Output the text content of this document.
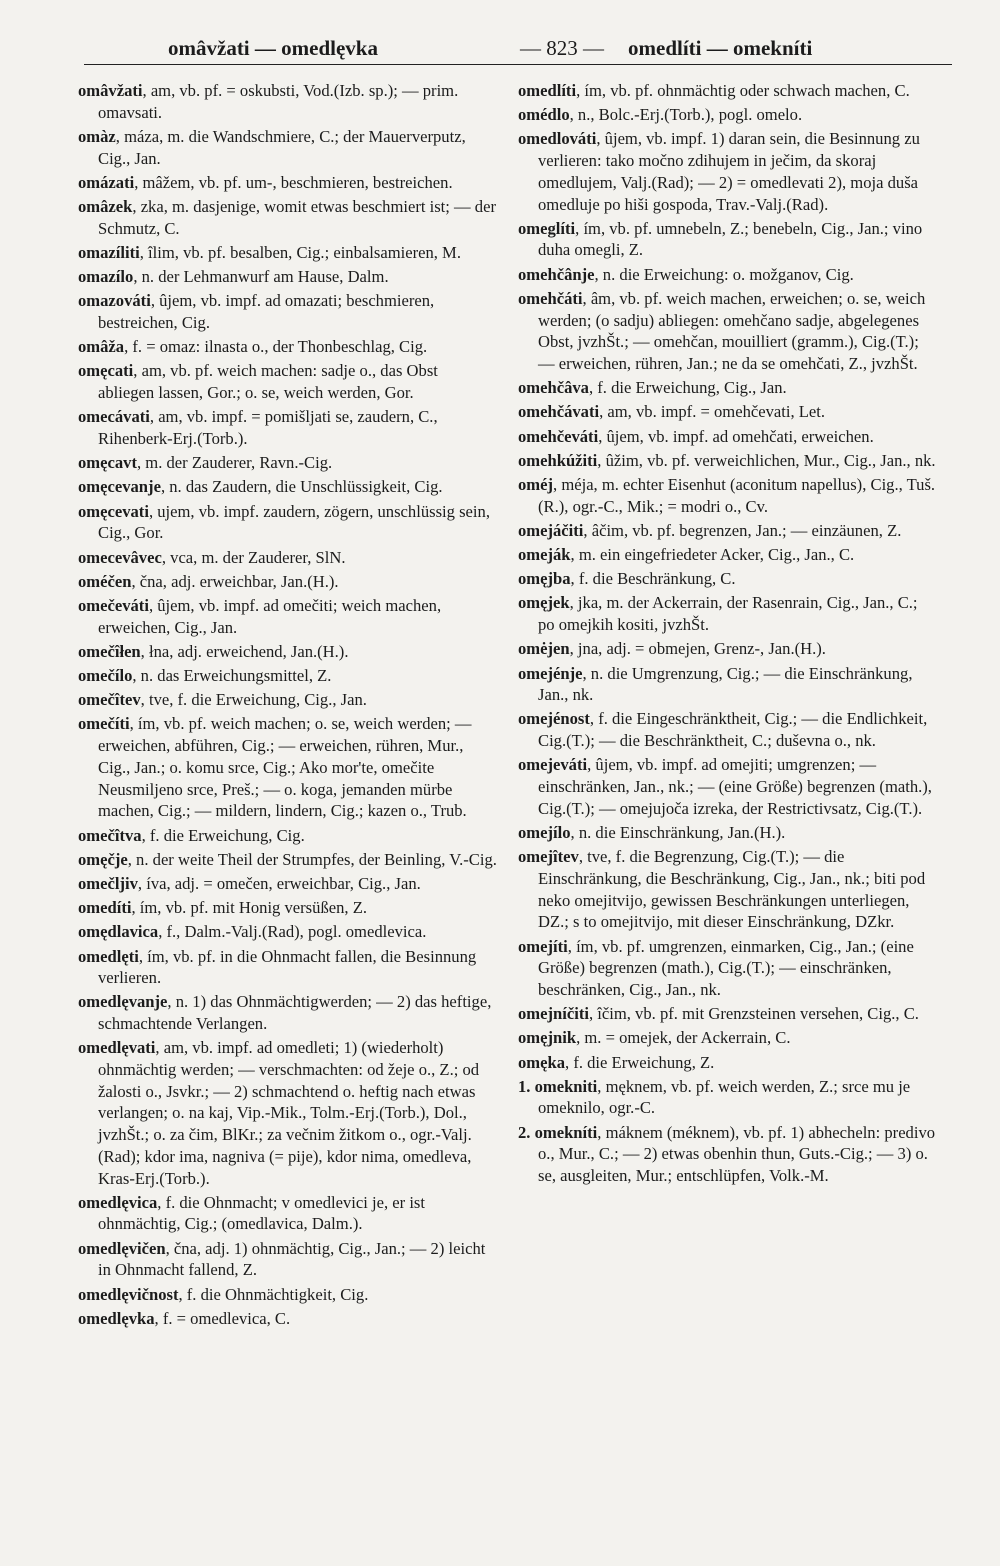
omâvžati — omedlęvka	— 823 — omedlíti — omekníti

omâvžati, am, vb. pf. = oskubsti, Vod.(Izb. sp.); — prim. omavsati.

omàz, máza, m. die Wandschmiere, C.; der Mauerverputz, Cig., Jan.

omázati, mâžem, vb. pf. um-, beschmieren, bestreichen.

omâzek, zka, m. dasjenige, womit etwas beschmiert ist; — der Schmutz, C.

omazíliti, îlim, vb. pf. besalben, Cig.; einbalsamieren, M.

omazílo, n. der Lehmanwurf am Hause, Dalm.

omazováti, ûjem, vb. impf. ad omazati; beschmieren, bestreichen, Cig.

omâža, f. = omaz: ilnasta o., der Thonbeschlag, Cig.

omęcati, am, vb. pf. weich machen: sadje o., das Obst abliegen lassen, Gor.; o. se, weich werden, Gor.

omecávati, am, vb. impf. = pomišljati se, zaudern, C., Rihenberk-Erj.(Torb.).

omęcavt, m. der Zauderer, Ravn.-Cig.

omęcevanje, n. das Zaudern, die Unschlüssigkeit, Cig.

omęcevati, ujem, vb. impf. zaudern, zögern, unschlüssig sein, Cig., Gor.

omecevâvec, vca, m. der Zauderer, SlN.

oméčen, čna, adj. erweichbar, Jan.(H.).

omečeváti, ûjem, vb. impf. ad omečiti; weich machen, erweichen, Cig., Jan.

omečîłen, łna, adj. erweichend, Jan.(H.).

omečílo, n. das Erweichungsmittel, Z.

omečîtev, tve, f. die Erweichung, Cig., Jan.

omečíti, ím, vb. pf. weich machen; o. se, weich werden; — erweichen, abführen, Cig.; — erweichen, rühren, Mur., Cig., Jan.; o. komu srce, Cig.; Ako mor'te, omečite Neusmiljeno srce, Preš.; — o. koga, jemanden mürbe machen, Cig.; — mildern, lindern, Cig.; kazen o., Trub.

omečîtva, f. die Erweichung, Cig.

omęčje, n. der weite Theil der Strumpfes, der Beinling, V.-Cig.

omečljiv, íva, adj. = omečen, erweichbar, Cig., Jan.

omedíti, ím, vb. pf. mit Honig versüßen, Z.

omędlavica, f., Dalm.-Valj.(Rad), pogl. omedlevica.

omedlęti, ím, vb. pf. in die Ohnmacht fallen, die Besinnung verlieren.

omedlęvanje, n. 1) das Ohnmächtigwerden; — 2) das heftige, schmachtende Verlangen.

omedlęvati, am, vb. impf. ad omedleti; 1) (wiederholt) ohnmächtig werden; — verschmachten: od žeje o., Z.; od žalosti o., Jsvkr.; — 2) schmachtend o. heftig nach etwas verlangen; o. na kaj, Vip.-Mik., Tolm.-Erj.(Torb.), Dol., jvzhŠt.; o. za čim, BlKr.; za večnim žitkom o., ogr.-Valj.(Rad); kdor ima, nagniva (= pije), kdor nima, omedleva, Kras-Erj.(Torb.).

omedlęvica, f. die Ohnmacht; v omedlevici je, er ist ohnmächtig, Cig.; (omedlavica, Dalm.).

omedlęvičen, čna, adj. 1) ohnmächtig, Cig., Jan.; — 2) leicht in Ohnmacht fallend, Z.

omedlęvičnost, f. die Ohnmächtigkeit, Cig.

omedlęvka, f. = omedlevica, C.

omedlíti, ím, vb. pf. ohnmächtig oder schwach machen, C.

omédlo, n., Bolc.-Erj.(Torb.), pogl. omelo.

omedlováti, ûjem, vb. impf. 1) daran sein, die Besinnung zu verlieren: tako močno zdihujem in ječim, da skoraj omedlujem, Valj.(Rad); — 2) = omedlevati 2), moja duša omedluje po hiši gospoda, Trav.-Valj.(Rad).

omeglíti, ím, vb. pf. umnebeln, Z.; benebeln, Cig., Jan.; vino duha omegli, Z.

omehčânje, n. die Erweichung: o. možganov, Cig.

omehčáti, âm, vb. pf. weich machen, erweichen; o. se, weich werden; (o sadju) abliegen: omehčano sadje, abgelegenes Obst, jvzhŠt.; — omehčan, mouilliert (gramm.), Cig.(T.); — erweichen, rühren, Jan.; ne da se omehčati, Z., jvzhŠt.

omehčâva, f. die Erweichung, Cig., Jan.

omehčávati, am, vb. impf. = omehčevati, Let.

omehčeváti, ûjem, vb. impf. ad omehčati, erweichen.

omehkúžiti, ûžim, vb. pf. verweichlichen, Mur., Cig., Jan., nk.

oméj, méja, m. echter Eisenhut (aconitum napellus), Cig., Tuš.(R.), ogr.-C., Mik.; = modri o., Cv.

omejáčiti, âčim, vb. pf. begrenzen, Jan.; — einzäunen, Z.

omeják, m. ein eingefriedeter Acker, Cig., Jan., C.

omęjba, f. die Beschränkung, C.

omęjek, jka, m. der Ackerrain, der Rasenrain, Cig., Jan., C.; po omejkih kositi, jvzhŠt.

omėjen, jna, adj. = obmejen, Grenz-, Jan.(H.).

omejénje, n. die Umgrenzung, Cig.; — die Einschränkung, Jan., nk.

omejénost, f. die Eingeschränktheit, Cig.; — die Endlichkeit, Cig.(T.); — die Beschränktheit, C.; duševna o., nk.

omejeváti, ûjem, vb. impf. ad omejiti; umgrenzen; — einschränken, Jan., nk.; — (eine Größe) begrenzen (math.), Cig.(T.); — omejujoča izreka, der Restrictivsatz, Cig.(T.).

omejílo, n. die Einschränkung, Jan.(H.).

omejîtev, tve, f. die Begrenzung, Cig.(T.); — die Einschränkung, die Beschränkung, Cig., Jan., nk.; biti pod neko omejitvijo, gewissen Beschränkungen unterliegen, DZ.; s to omejitvijo, mit dieser Einschränkung, DZkr.

omejíti, ím, vb. pf. umgrenzen, einmarken, Cig., Jan.; (eine Größe) begrenzen (math.), Cig.(T.); — einschränken, beschränken, Cig., Jan., nk.

omejníčiti, îčim, vb. pf. mit Grenzsteinen versehen, Cig., C.

omęjnik, m. = omejek, der Ackerrain, C.

omęka, f. die Erweichung, Z.

1. omekniti, męknem, vb. pf. weich werden, Z.; srce mu je omeknilo, ogr.-C.

2. omekníti, máknem (méknem), vb. pf. 1) abhecheln: predivo o., Mur., C.; — 2) etwas obenhin thun, Guts.-Cig.; — 3) o. se, ausgleiten, Mur.; entschlüpfen, Volk.-M.
